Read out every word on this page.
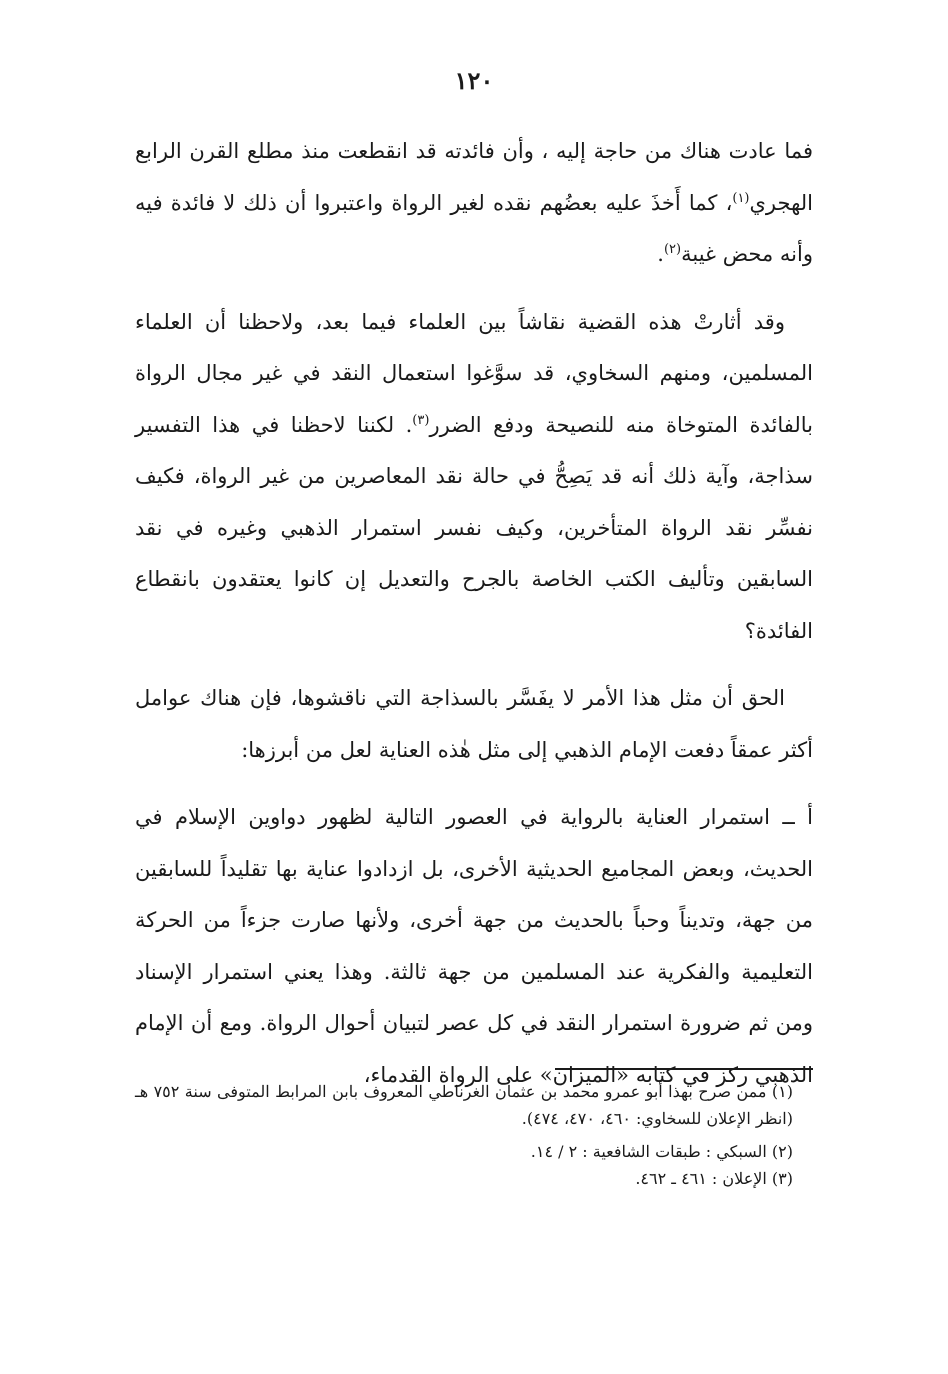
١٢٠

فما عادت هناك من حاجة إليه ، وأن فائدته قد انقطعت منذ مطلع القرن الرابع الهجري$^{(١)}$، كما أَخذَ عليه بعضُهم نقده لغير الرواة واعتبروا أن ذلك لا فائدة فيه وأنه محض غيبة$^{(٢)}$.

وقد أثارتْ هذه القضية نقاشاً بين العلماء فيما بعد، ولاحظنا أن العلماء المسلمين، ومنهم السخاوي، قد سوَّغوا استعمال النقد في غير مجال الرواة بالفائدة المتوخاة منه للنصيحة ودفع الضرر$^{(٣)}$. لكننا لاحظنا في هذا التفسير سذاجة، وآية ذلك أنه قد يَصِحُّ في حالة نقد المعاصرين من غير الرواة، فكيف نفسِّر نقد الرواة المتأخرين، وكيف نفسر استمرار الذهبي وغيره في نقد السابقين وتأليف الكتب الخاصة بالجرح والتعديل إن كانوا يعتقدون بانقطاع الفائدة؟

الحق أن مثل هذا الأمر لا يفَسَّر بالسذاجة التي ناقشوها، فإن هناك عوامل أكثر عمقاً دفعت الإمام الذهبي إلى مثل هٰذه العناية لعل من أبرزها:

أ ــ استمرار العناية بالرواية في العصور التالية لظهور دواوين الإسلام في الحديث، وبعض المجاميع الحديثية الأخرى، بل ازدادوا عناية بها تقليداً للسابقين من جهة، وتديناً وحباً بالحديث من جهة أخرى، ولأنها صارت جزءاً من الحركة التعليمية والفكرية عند المسلمين من جهة ثالثة. وهذا يعني استمرار الإسناد ومن ثم ضرورة استمرار النقد في كل عصر لتبيان أحوال الرواة. ومع أن الإمام الذهبي ركز في كتابه «الميزان» على الرواة القدماء،

(١) ممن صرح بهذا أبو عمرو محمد بن عثمان الغرناطي المعروف بابن المرابط المتوفى سنة ٧٥٢ هـ (انظر الإعلان للسخاوي: ٤٦٠، ٤٧٠، ٤٧٤).

(٢) السبكي : طبقات الشافعية : ٢ / ١٤.

(٣) الإعلان : ٤٦١ ـ ٤٦٢.
